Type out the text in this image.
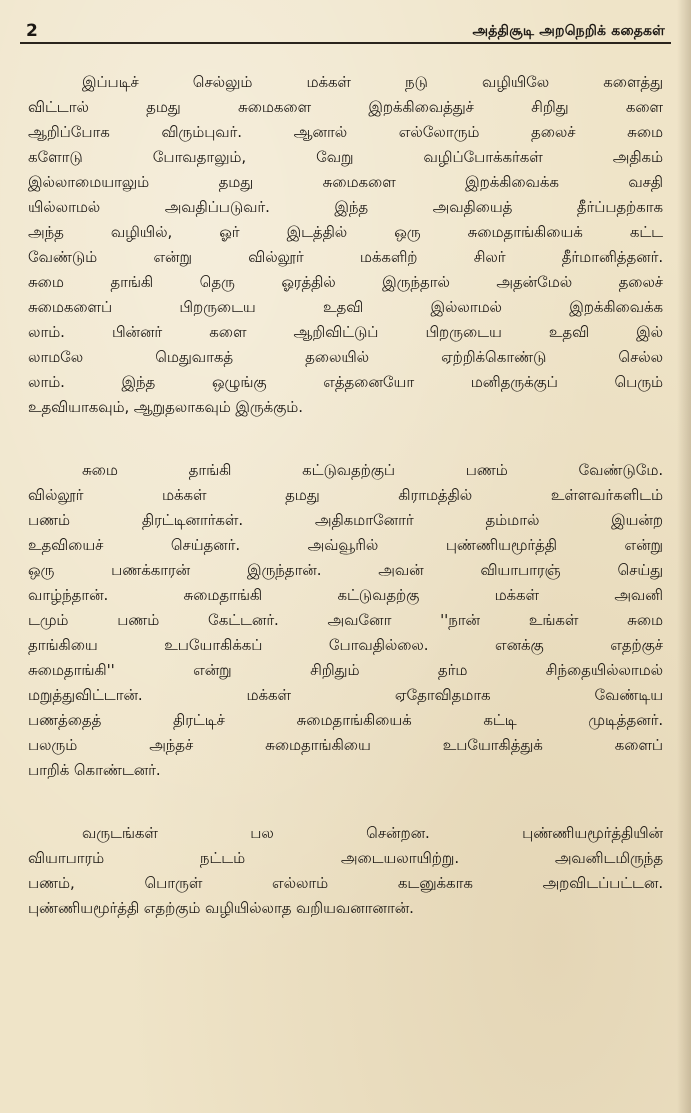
2	அத்திசூடி அறநெறிக் கதைகள்
இப்படிச் செல்லும் மக்கள் நடு வழியிலே களைத்து
விட்டால் தமது சுமைகளை இறக்கிவைத்துச் சிறிது களை
ஆறிப்போக விரும்புவர். ஆனால் எல்லோரும் தலைச் சுமை
களோடு போவதாலும், வேறு வழிப்போக்கர்கள் அதிகம்
இல்லாமையாலும் தமது சுமைகளை இறக்கிவைக்க வசதி
யில்லாமல் அவதிப்படுவர். இந்த அவதியைத் தீர்ப்பதற்காக
அந்த வழியில், ஓர் இடத்தில் ஒரு சுமைதாங்கியைக் கட்ட
வேண்டும் என்று வில்லூர் மக்களிற் சிலர் தீர்மானித்தனர்.
சுமை தாங்கி தெரு ஓரத்தில் இருந்தால் அதன்மேல் தலைச்
சுமைகளைப் பிறருடைய உதவி இல்லாமல் இறக்கிவைக்க
லாம். பின்னர் களை ஆறிவிட்டுப் பிறருடைய உதவி இல்
லாமலே மெதுவாகத் தலையில் ஏற்றிக்கொண்டு செல்ல
லாம். இந்த ஒழுங்கு எத்தனையோ மனிதருக்குப் பெரும்
உதவியாகவும், ஆறுதலாகவும் இருக்கும்.
சுமை தாங்கி கட்டுவதற்குப் பணம் வேண்டுமே.
வில்லூர் மக்கள் தமது கிராமத்தில் உள்ளவர்களிடம்
பணம் திரட்டினார்கள். அதிகமானோர் தம்மால் இயன்ற
உதவியைச் செய்தனர். அவ்வூரில் புண்ணியமூர்த்தி என்று
ஒரு பணக்காரன் இருந்தான். அவன் வியாபாரஞ் செய்து
வாழ்ந்தான். சுமைதாங்கி கட்டுவதற்கு மக்கள் அவனி
டமும் பணம் கேட்டனர். அவனோ ''நான் உங்கள் சுமை
தாங்கியை உபயோகிக்கப் போவதில்லை. எனக்கு எதற்குச்
சுமைதாங்கி'' என்று சிறிதும் தர்ம சிந்தையில்லாமல்
மறுத்துவிட்டான். மக்கள் ஏதோவிதமாக வேண்டிய
பணத்தைத் திரட்டிச் சுமைதாங்கியைக் கட்டி முடித்தனர்.
பலரும் அந்தச் சுமைதாங்கியை உபயோகித்துக் களைப்
பாறிக் கொண்டனர்.
வருடங்கள் பல சென்றன. புண்ணியமூர்த்தியின்
வியாபாரம் நட்டம் அடையலாயிற்று. அவனிடமிருந்த
பணம், பொருள் எல்லாம் கடனுக்காக அறவிடப்பட்டன.
புண்ணியமூர்த்தி எதற்கும் வழியில்லாத வறியவனானான்.
